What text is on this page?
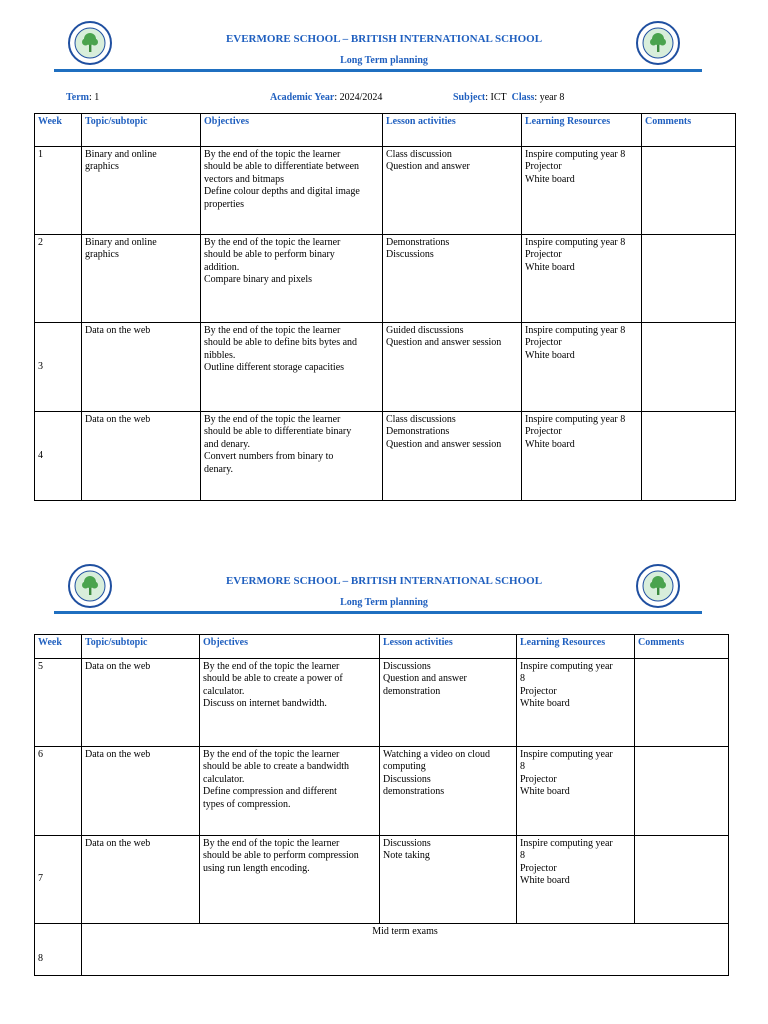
EVERMORE SCHOOL – BRITISH INTERNATIONAL SCHOOL
Long Term planning
Term: 1	Academic Year: 2024/2024	Subject: ICT Class: year 8
Week	Topic/subtopic	Objectives	Lesson activities	Learning Resources	Comments
1	Binary and online
graphics	By the end of the topic the learner
should be able to differentiate between
vectors and bitmaps
Define colour depths and digital image
properties	Class discussion
Question and answer	Inspire computing year 8
Projector
White board	

2	Binary and online
graphics	By the end of the topic the learner
should be able to perform binary
addition.
Compare binary and pixels	Demonstrations
Discussions	Inspire computing year 8
Projector
White board	

3	Data on the web	By the end of the topic the learner
should be able to define bits bytes and
nibbles.
Outline different storage capacities	Guided discussions
Question and answer session	Inspire computing year 8
Projector
White board	

4	Data on the web	By the end of the topic the learner
should be able to differentiate binary
and denary.
Convert numbers from binary to
denary.	Class discussions
Demonstrations
Question and answer session	Inspire computing year 8
Projector
White board	

EVERMORE SCHOOL – BRITISH INTERNATIONAL SCHOOL
Long Term planning
Week	Topic/subtopic	Objectives	Lesson activities	Learning Resources	Comments
5	Data on the web	By the end of the topic the learner
should be able to create a power of
calculator.
Discuss on internet bandwidth.	Discussions
Question and answer
demonstration	Inspire computing year
8
Projector
White board	

6	Data on the web	By the end of the topic the learner
should be able to create a bandwidth
calculator.
Define compression and different
types of compression.	Watching a video on cloud
computing
Discussions
demonstrations	Inspire computing year
8
Projector
White board	

7	Data on the web	By the end of the topic the learner
should be able to perform compression
using run length encoding.	Discussions
Note taking	Inspire computing year
8
Projector
White board	

8	Mid term exams				
